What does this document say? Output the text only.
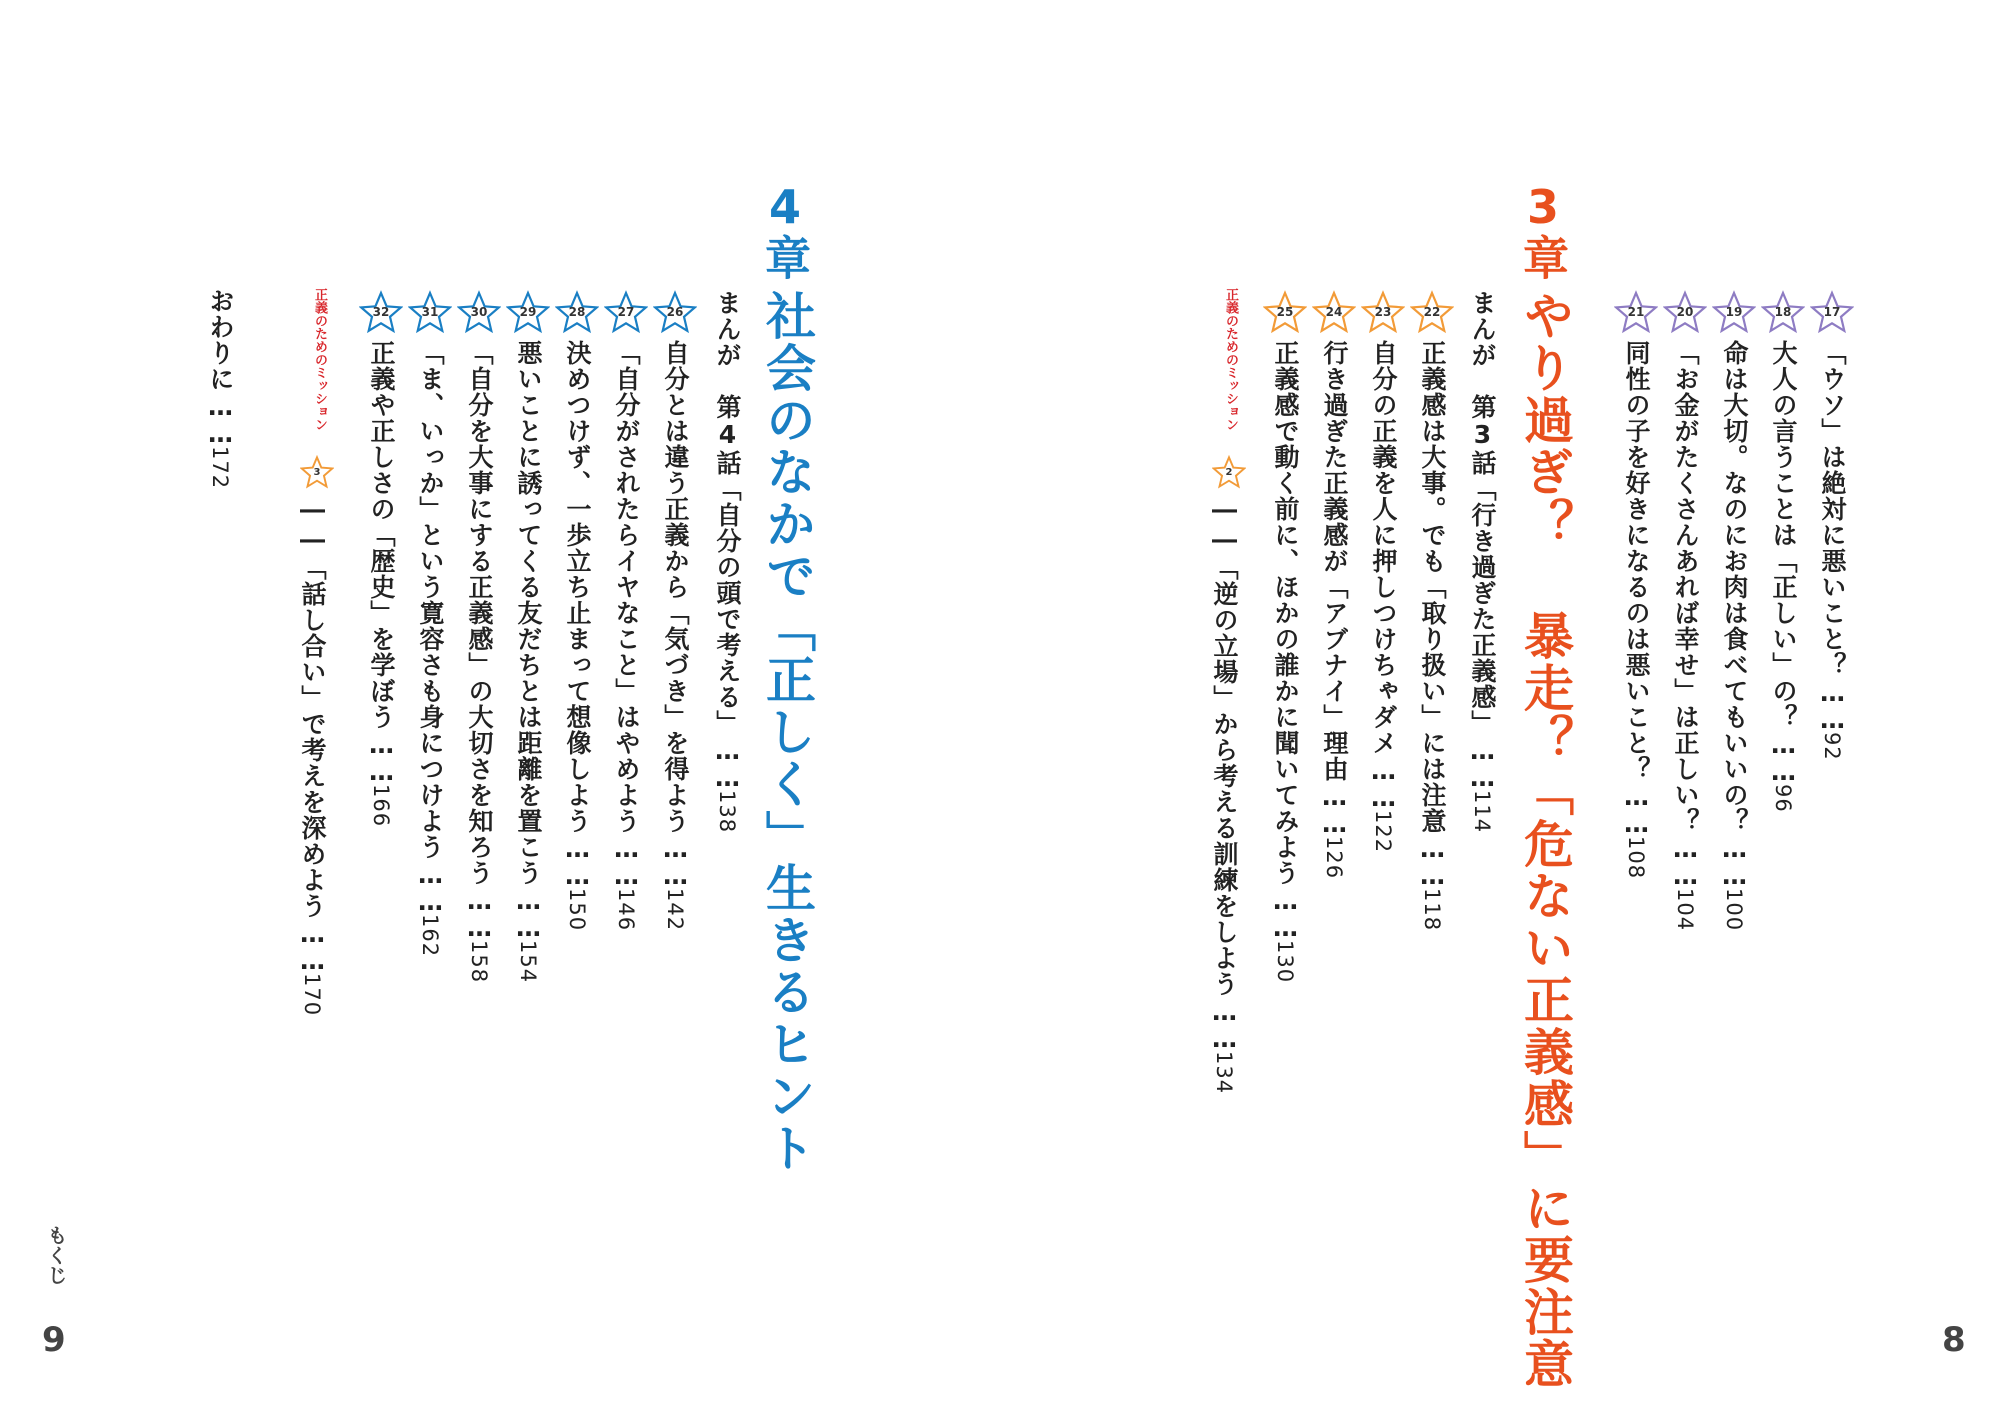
17
「ウソ」は絶対に悪いこと？……92
18
大人の言うことは「正しい」の？……96
19
命は大切。なのにお肉は食べてもいいの？……100
20
「お金がたくさんあれば幸せ」は正しい？……104
21
同性の子を好きになるのは悪いこと？……108
3章
やり過ぎ？ 暴走？「危ない正義感」に要注意
まんが　第3話「行き過ぎた正義感」……114
22
正義感は大事。でも「取り扱い」には注意……118
23
自分の正義を人に押しつけちゃダメ……122
24
行き過ぎた正義感が「アブナイ」理由……126
25
正義感で動く前に、ほかの誰かに聞いてみよう……130
正義のためのミッション
2
――「逆の立場」から考える訓練をしよう……134
8
4章
社会のなかで「正しく」生きるヒント
まんが　第4話「自分の頭で考える」……138
26
自分とは違う正義から「気づき」を得よう……142
27
「自分がされたらイヤなこと」はやめよう……146
28
決めつけず、一歩立ち止まって想像しよう……150
29
悪いことに誘ってくる友だちとは距離を置こう……154
30
「自分を大事にする正義感」の大切さを知ろう……158
31
「ま、いっか」という寛容さも身につけよう……162
32
正義や正しさの「歴史」を学ぼう……166
正義のためのミッション
3
――「話し合い」で考えを深めよう……170
おわりに……172
もくじ
9
